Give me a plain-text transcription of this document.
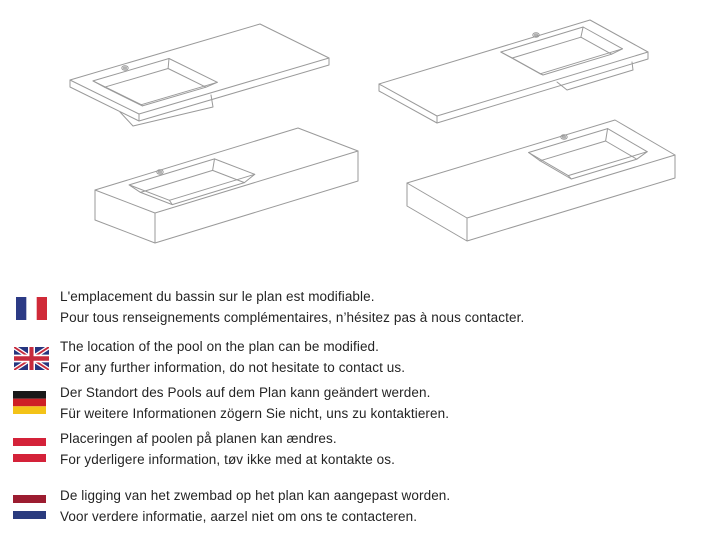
L'emplacement du bassin sur le plan est modifiable.
Pour tous renseignements complémentaires, n’hésitez pas à nous contacter.
The location of the pool on the plan can be modified.
For any further information, do not hesitate to contact us.
Der Standort des Pools auf dem Plan kann geändert werden.
Für weitere Informationen zögern Sie nicht, uns zu kontaktieren.
Placeringen af poolen på planen kan ændres.
For yderligere information, tøv ikke med at kontakte os.
De ligging van het zwembad op het plan kan aangepast worden.
Voor verdere informatie, aarzel niet om ons te contacteren.
